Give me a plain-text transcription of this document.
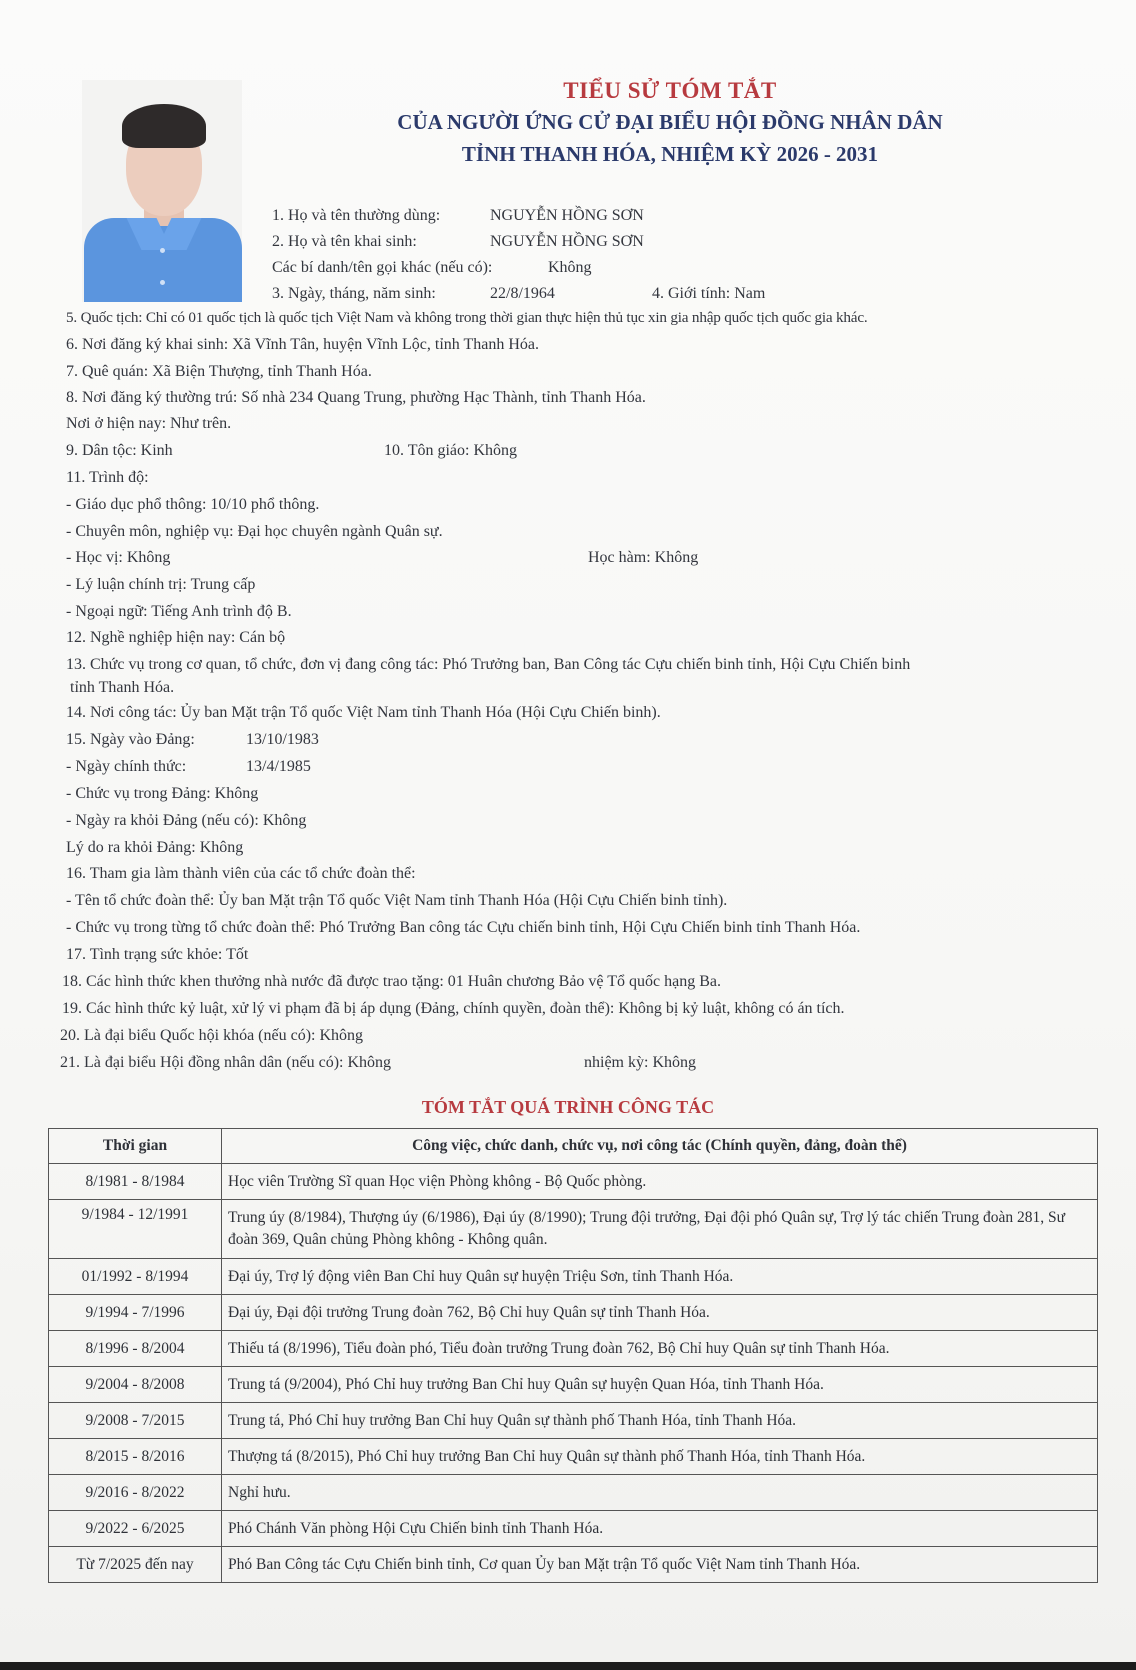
TIỂU SỬ TÓM TẮT
CỦA NGƯỜI ỨNG CỬ ĐẠI BIỂU HỘI ĐỒNG NHÂN DÂN
TỈNH THANH HÓA, NHIỆM KỲ 2026 - 2031
1. Họ và tên thường dùng:	NGUYỄN HỒNG SƠN
2. Họ và tên khai sinh:	NGUYỄN HỒNG SƠN
Các bí danh/tên gọi khác (nếu có):	Không
3. Ngày, tháng, năm sinh:	22/8/1964	4. Giới tính: Nam
5. Quốc tịch: Chỉ có 01 quốc tịch là quốc tịch Việt Nam và không trong thời gian thực hiện thủ tục xin gia nhập quốc tịch quốc gia khác.
6. Nơi đăng ký khai sinh: Xã Vĩnh Tân, huyện Vĩnh Lộc, tỉnh Thanh Hóa.
7. Quê quán: Xã Biện Thượng, tỉnh Thanh Hóa.
8. Nơi đăng ký thường trú: Số nhà 234 Quang Trung, phường Hạc Thành, tỉnh Thanh Hóa.
Nơi ở hiện nay: Như trên.
9. Dân tộc: Kinh	10. Tôn giáo: Không
11. Trình độ:
- Giáo dục phổ thông: 10/10 phổ thông.
- Chuyên môn, nghiệp vụ: Đại học chuyên ngành Quân sự.
- Học vị: Không	Học hàm: Không
- Lý luận chính trị: Trung cấp
- Ngoại ngữ: Tiếng Anh trình độ B.
12. Nghề nghiệp hiện nay: Cán bộ
13. Chức vụ trong cơ quan, tổ chức, đơn vị đang công tác: Phó Trưởng ban, Ban Công tác Cựu chiến binh tỉnh, Hội Cựu Chiến binh
tỉnh Thanh Hóa.
14. Nơi công tác: Ủy ban Mặt trận Tổ quốc Việt Nam tỉnh Thanh Hóa (Hội Cựu Chiến binh).
15. Ngày vào Đảng:	13/10/1983
- Ngày chính thức:	13/4/1985
- Chức vụ trong Đảng: Không
- Ngày ra khỏi Đảng (nếu có): Không
Lý do ra khỏi Đảng: Không
16. Tham gia làm thành viên của các tổ chức đoàn thể:
- Tên tổ chức đoàn thể: Ủy ban Mặt trận Tổ quốc Việt Nam tỉnh Thanh Hóa (Hội Cựu Chiến binh tỉnh).
- Chức vụ trong từng tổ chức đoàn thể: Phó Trưởng Ban công tác Cựu chiến binh tỉnh, Hội Cựu Chiến binh tỉnh Thanh Hóa.
17. Tình trạng sức khỏe: Tốt
18. Các hình thức khen thưởng nhà nước đã được trao tặng: 01 Huân chương Bảo vệ Tổ quốc hạng Ba.
19. Các hình thức kỷ luật, xử lý vi phạm đã bị áp dụng (Đảng, chính quyền, đoàn thể): Không bị kỷ luật, không có án tích.
20. Là đại biểu Quốc hội khóa (nếu có): Không
21. Là đại biểu Hội đồng nhân dân (nếu có): Không	nhiệm kỳ: Không
TÓM TẮT QUÁ TRÌNH CÔNG TÁC
Thời gian	Công việc, chức danh, chức vụ, nơi công tác (Chính quyền, đảng, đoàn thể)
8/1981 - 8/1984	Học viên Trường Sĩ quan Học viện Phòng không - Bộ Quốc phòng.
9/1984 - 12/1991	Trung úy (8/1984), Thượng úy (6/1986), Đại úy (8/1990); Trung đội trưởng, Đại đội phó Quân sự, Trợ lý tác chiến Trung đoàn 281, Sư đoàn 369, Quân chủng Phòng không - Không quân.
01/1992 - 8/1994	Đại úy, Trợ lý động viên Ban Chỉ huy Quân sự huyện Triệu Sơn, tỉnh Thanh Hóa.
9/1994 - 7/1996	Đại úy, Đại đội trưởng Trung đoàn 762, Bộ Chỉ huy Quân sự tỉnh Thanh Hóa.
8/1996 - 8/2004	Thiếu tá (8/1996), Tiểu đoàn phó, Tiểu đoàn trưởng Trung đoàn 762, Bộ Chỉ huy Quân sự tỉnh Thanh Hóa.
9/2004 - 8/2008	Trung tá (9/2004), Phó Chỉ huy trưởng Ban Chỉ huy Quân sự huyện Quan Hóa, tỉnh Thanh Hóa.
9/2008 - 7/2015	Trung tá, Phó Chỉ huy trưởng Ban Chỉ huy Quân sự thành phố Thanh Hóa, tỉnh Thanh Hóa.
8/2015 - 8/2016	Thượng tá (8/2015), Phó Chỉ huy trưởng Ban Chỉ huy Quân sự thành phố Thanh Hóa, tỉnh Thanh Hóa.
9/2016 - 8/2022	Nghỉ hưu.
9/2022 - 6/2025	Phó Chánh Văn phòng Hội Cựu Chiến binh tỉnh Thanh Hóa.
Từ 7/2025 đến nay	Phó Ban Công tác Cựu Chiến binh tỉnh, Cơ quan Ủy ban Mặt trận Tổ quốc Việt Nam tỉnh Thanh Hóa.
